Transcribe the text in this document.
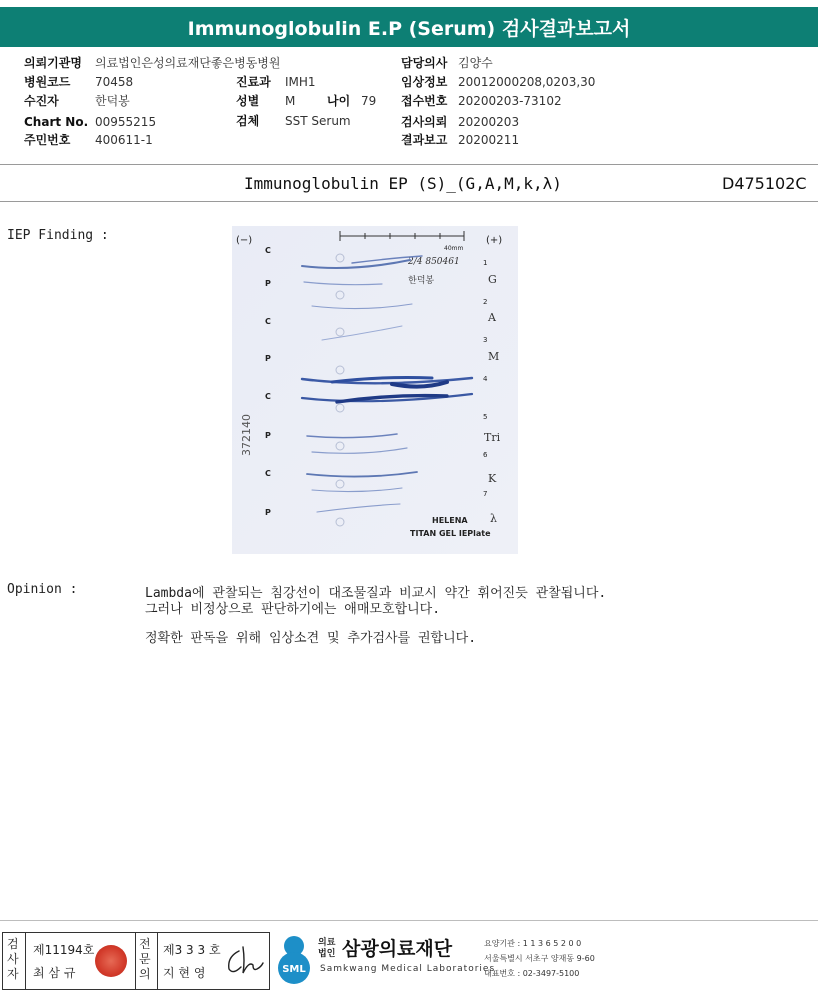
Immunoglobulin E.P (Serum) 검사결과보고서
의뢰기관명 의료법인은성의료재단좋은병동병원
병원코드 70458
수진자	한덕봉
Chart No. 00955215
주민번호 400611-1
진료과 IMH1
성별 M	나이 79
검체 SST Serum
담당의사 김양수
임상정보 20012000208,0203,30
접수번호 20200203-73102
검사의뢰 20200203
결과보고 20200211
Immunoglobulin EP (S)_(G,A,M,k,λ)	D475102C
IEP Finding :	(−)	(+)
40mm
2/4 850461
한덕봉
C
P
C
P
C
P
C
P
1
2
3
4
5
6
7
G
A
M
Tri
K
λ
372140
HELENA
TITAN GEL IEPlate
Opinion :	Lambda에 관찰되는 침강선이 대조물질과 비교시 약간 휘어진듯 관찰됩니다.
그러나 비정상으로 판단하기에는 애매모호합니다.
정확한 판독을 위해 임상소견 및 추가검사를 권합니다.
검사자
제11194호
최 삼 규
전문의
제3 3 3 호
지 현 영	SML
의료법인 삼광의료재단
Samkwang Medical Laboratories
요양기관 : 1 1 3 6 5 2 0 0
서울특별시 서초구 양재동 9-60
대표번호 : 02-3497-5100
